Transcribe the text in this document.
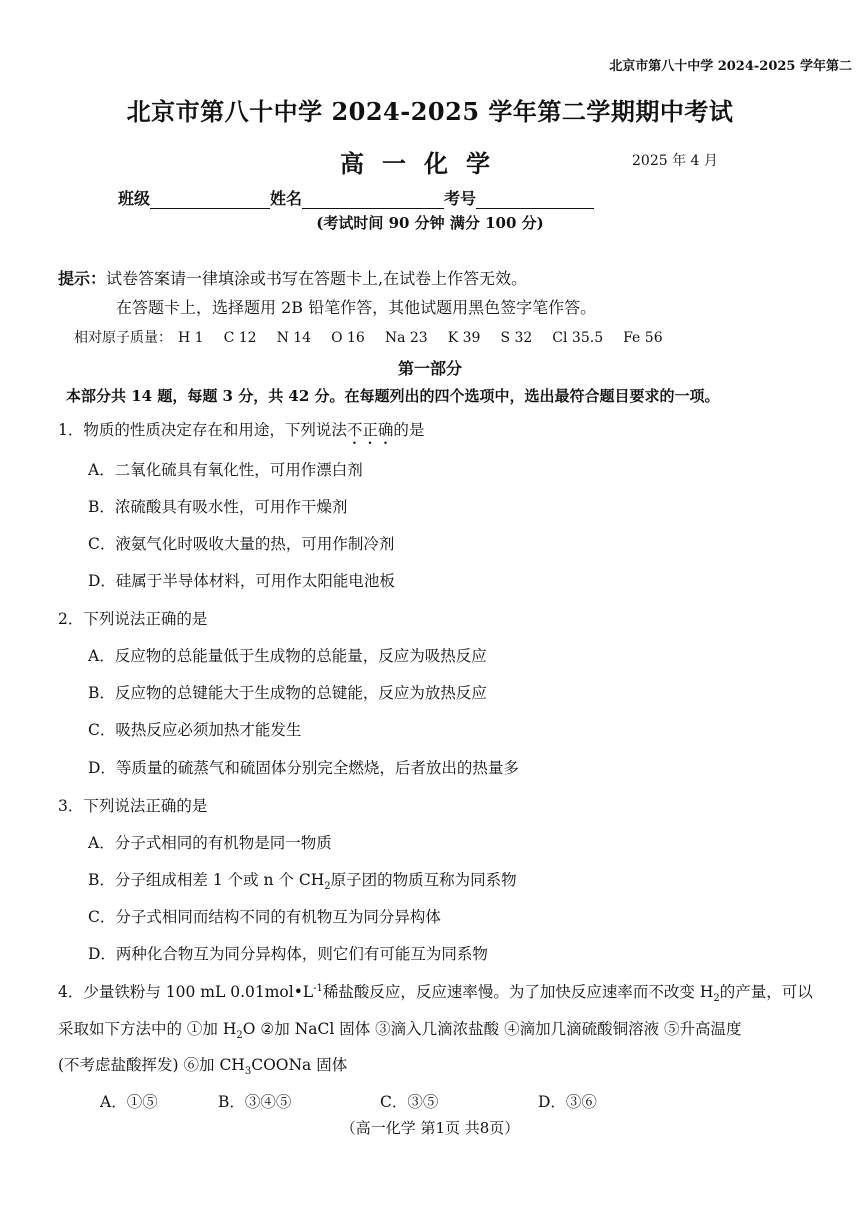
北京市第八十中学 2024-2025 学年第二
北京市第八十中学 2024-2025 学年第二学期期中考试
高一化学	2025 年 4 月
班级	姓名	考号
(考试时间 90 分钟 满分 100 分)
提示：试卷答案请一律填涂或书写在答题卡上,在试卷上作答无效。
在答题卡上，选择题用 2B 铅笔作答，其他试题用黑色签字笔作答。
相对原子质量： H 1 C 12 N 14 O 16 Na 23 K 39 S 32 Cl 35.5 Fe 56
第一部分
本部分共 14 题，每题 3 分，共 42 分。在每题列出的四个选项中，选出最符合题目要求的一项。
1．物质的性质决定存在和用途，下列说法不正确的是
A．二氧化硫具有氧化性，可用作漂白剂
B．浓硫酸具有吸水性，可用作干燥剂
C．液氨气化时吸收大量的热，可用作制冷剂
D．硅属于半导体材料，可用作太阳能电池板
2．下列说法正确的是
A．反应物的总能量低于生成物的总能量，反应为吸热反应
B．反应物的总键能大于生成物的总键能，反应为放热反应
C．吸热反应必须加热才能发生
D．等质量的硫蒸气和硫固体分别完全燃烧，后者放出的热量多
3．下列说法正确的是
A．分子式相同的有机物是同一物质
B．分子组成相差 1 个或 n 个 $CH_2$原子团的物质互称为同系物
C．分子式相同而结构不同的有机物互为同分异构体
D．两种化合物互为同分异构体，则它们有可能互为同系物
4．少量铁粉与 100 mL $0.01mol•L^{-1}$稀盐酸反应，反应速率慢。为了加快反应速率而不改变 $H_2$的产量，可以
采取如下方法中的 ①加 $H_2O$ ②加 NaCl 固体 ③滴入几滴浓盐酸 ④滴加几滴硫酸铜溶液 ⑤升高温度
(不考虑盐酸挥发) ⑥加 $CH_3COONa$ 固体
A．①⑤	B．③④⑤	C．③⑤	D．③⑥
（高一化学 第1页 共8页）
